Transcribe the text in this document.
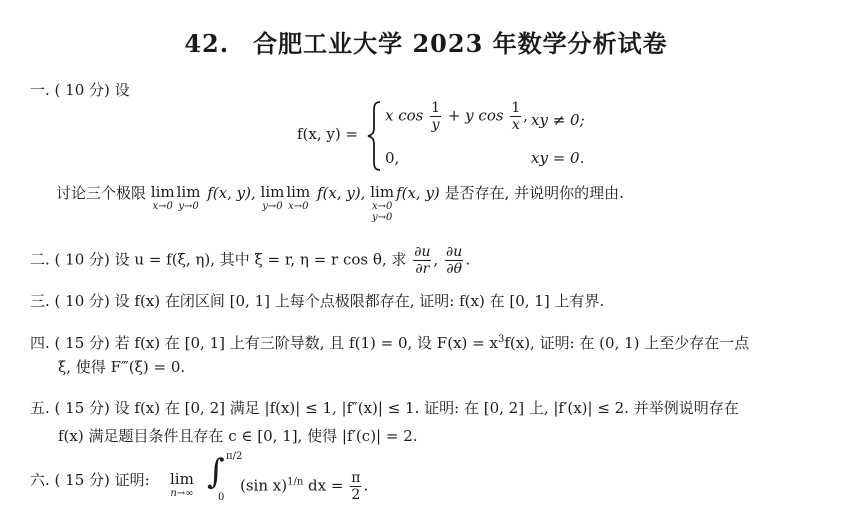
42. 合肥工业大学 2023 年数学分析试卷
一. ( 10 分) 设
f(x, y) =
x $\cos \frac{1}{y} + y$ $\cos \frac{1}{x}$ , xy ≠ 0;
0,	xy = 0.
讨论三个极限 lim
x→0
lim
y→0
f(x, y), lim
y→0
lim
x→0
f(x, y), lim
x→0
y→0
f(x, y) 是否存在, 并说明你的理由.
二. ( 10 分) 设 u = f(ξ, η), 其中 ξ = r, η = r cos θ, 求 $\frac{\partial u}{\partial r}$ , $\frac{\partial u}{\partial\theta}$ .
三. ( 10 分) 设 f(x) 在闭区间 [0, 1] 上每个点极限都存在, 证明: f(x) 在 [0, 1] 上有界.
四. ( 15 分) 若 f(x) 在 [0, 1] 上有三阶导数, 且 f(1) = 0, 设 $F(x) = x^3f(x)$, 证明: 在 (0, 1) 上至少存在一点
ξ, 使得 F‴(ξ) = 0.
五. ( 15 分) 设 f(x) 在 [0, 2] 满足 |f(x)| ≤ 1, |f″(x)| ≤ 1. 证明: 在 [0, 2] 上, |f′(x)| ≤ 2. 并举例说明存在
f(x) 满足题目条件且存在 c ∈ [0, 1], 使得 |f′(c)| = 2.
六. ( 15 分) 证明: lim
n→∞
∫ π/2
0
(sin x)$^{1/n}$ dx = $\frac{\pi}{2}$ .
